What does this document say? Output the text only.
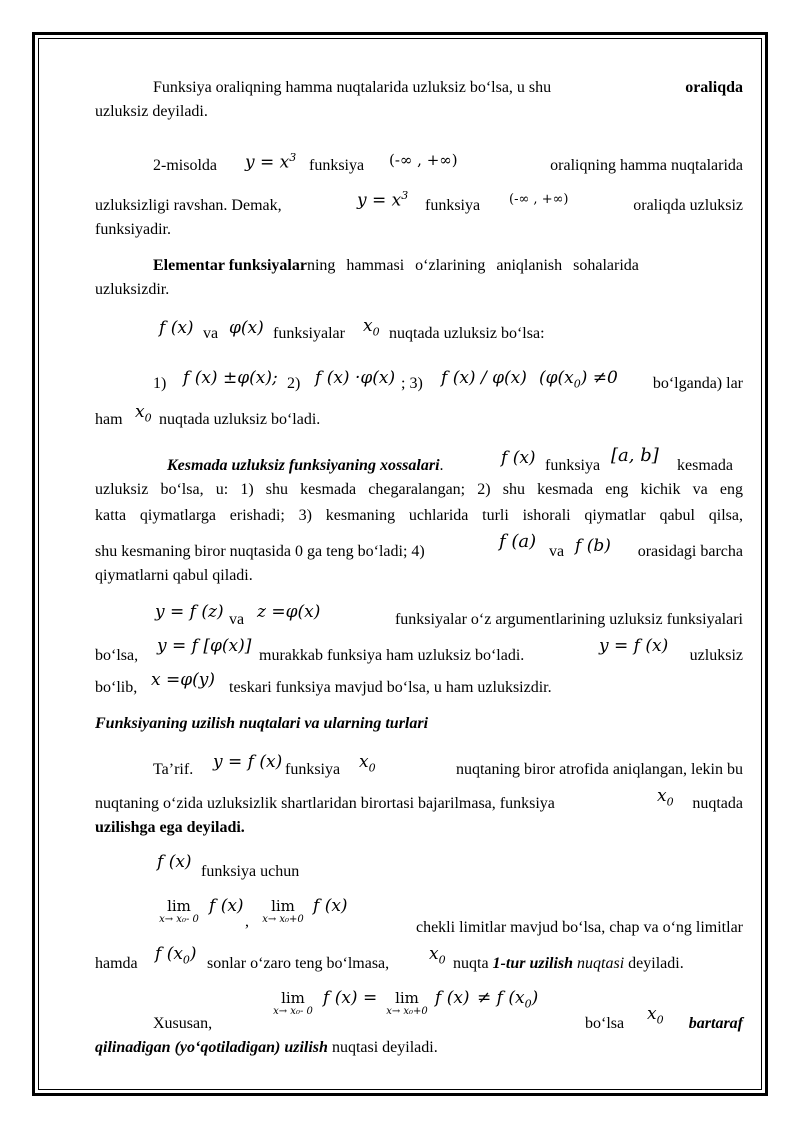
Funksiya oraliqning hamma nuqtalarida uzluksiz bo‘lsa, u shu	oraliqda
uzluksiz deyiladi.
2-misolda $y = x^3$ funksiya (-∞ , +∞)	oraliqning hamma nuqtalarida
uzluksizligi ravshan. Demak,	$y = x^3$
funksiya (-∞ , +∞)	oraliqda uzluksiz
funksiyadir.
Elementar funksiyalarning hammasi o‘zlarining aniqlanish sohalarida
uzluksizdir.
f (x) va φ(x) funksiyalar $x_0$ nuqtada uzluksiz bo‘lsa:
1) f (x) ±φ(x); 2) f (x) ·φ(x) ; 3) f (x) / φ(x) ($\varphi(x_0) \ne 0$	bo‘lganda) lar
ham $x_0$ nuqtada uzluksiz bo‘ladi.
Kesmada uzluksiz funksiyaning xossalari.	f (x) funksiya [a, b] kesmada
uzluksiz bo‘lsa, u: 1) shu kesmada chegaralangan; 2) shu kesmada eng kichik va eng
katta qiymatlarga erishadi; 3) kesmaning uchlarida turli ishorali qiymatlar qabul qilsa,
shu kesmaning biror nuqtasida 0 ga teng bo‘ladi; 4)	f (a) va f (b)	orasidagi barcha
qiymatlarni qabul qiladi.
y = f (z) va z =φ(x)	funksiyalar o‘z argumentlarining uzluksiz funksiyalari
bo‘lsa, y = f [φ(x)] murakkab funksiya ham uzluksiz bo‘ladi.	y = f (x)	uzluksiz
bo‘lib, x =φ(y) teskari funksiya mavjud bo‘lsa, u ham uzluksizdir.
Funksiyaning uzilish nuqtalari va ularning turlari
Ta’rif. y = f (x) funksiya $x_0$	nuqtaning biror atrofida aniqlangan, lekin bu
nuqtaning o‘zida uzluksizlik shartlaridan birortasi bajarilmasa, funksiya	$x_0$	nuqtada
uzilishga ega deyiladi.
f (x) funksiya uchun
lim
x→ x₀- 0
f (x)
,
lim
x→ x₀+0
f (x)
chekli limitlar mavjud bo‘lsa, chap va o‘ng limitlar
hamda f $(x_0)$ sonlar o‘zaro teng bo‘lmasa, $x_0$ nuqta 1-tur uzilish nuqtasi deyiladi.
lim
x→ x₀- 0
f (x) =	lim
x→ x₀+0
f (x) ≠ f $(x_0)$
Xususan,	bo‘lsa $x_0$	bartaraf
qilinadigan (yo‘qotiladigan) uzilish nuqtasi deyiladi.
